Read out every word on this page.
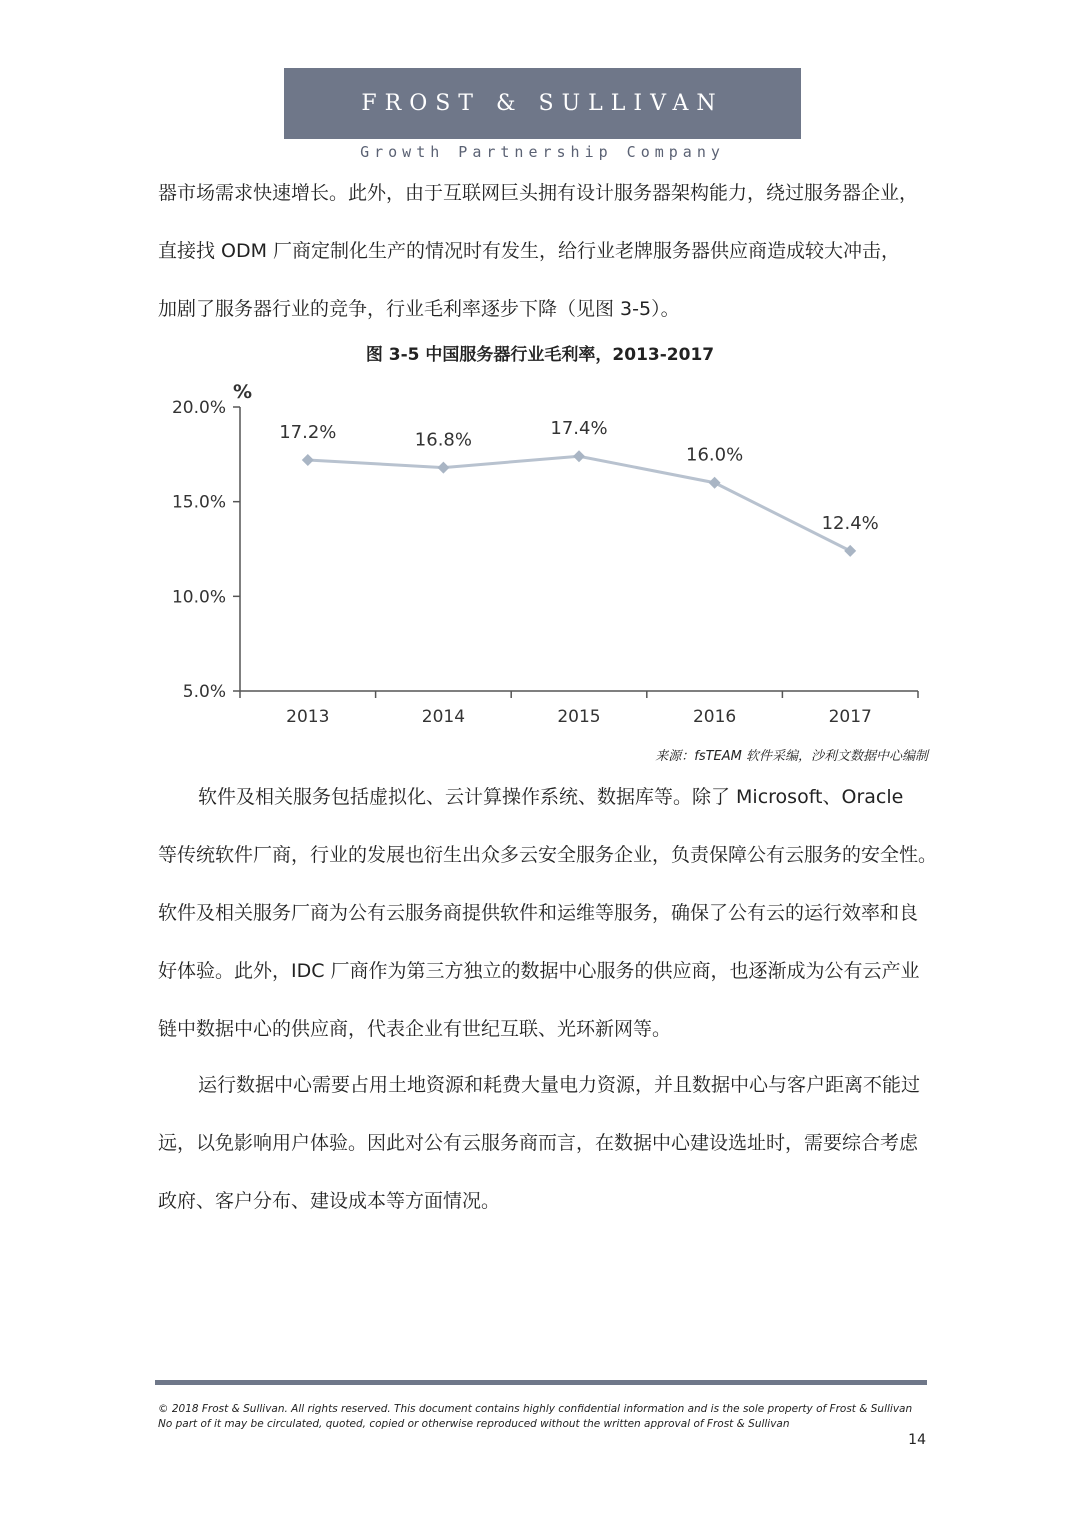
FROST & SULLIVAN
Growth Partnership Company
器市场需求快速增长。此外，由于互联网巨头拥有设计服务器架构能力，绕过服务器企业，
直接找 ODM 厂商定制化生产的情况时有发生，给行业老牌服务器供应商造成较大冲击，
加剧了服务器行业的竞争，行业毛利率逐步下降（见图 3-5）。
图 3-5 中国服务器行业毛利率，2013-2017
5.0%
10.0%
15.0%
20.0%
%
2013	2014	2015	2016	2017
17.2%	16.8%
17.4%
16.0%
12.4%
来源：fsTEAM 软件采编，沙利文数据中心编制
软件及相关服务包括虚拟化、云计算操作系统、数据库等。除了 Microsoft、Oracle
等传统软件厂商，行业的发展也衍生出众多云安全服务企业，负责保障公有云服务的安全性。
软件及相关服务厂商为公有云服务商提供软件和运维等服务，确保了公有云的运行效率和良
好体验。此外，IDC 厂商作为第三方独立的数据中心服务的供应商，也逐渐成为公有云产业
链中数据中心的供应商，代表企业有世纪互联、光环新网等。
运行数据中心需要占用土地资源和耗费大量电力资源，并且数据中心与客户距离不能过
远，以免影响用户体验。因此对公有云服务商而言，在数据中心建设选址时，需要综合考虑
政府、客户分布、建设成本等方面情况。
© 2018 Frost & Sullivan. All rights reserved. This document contains highly confidential information and is the sole property of Frost & Sullivan
No part of it may be circulated, quoted, copied or otherwise reproduced without the written approval of Frost & Sullivan
14
